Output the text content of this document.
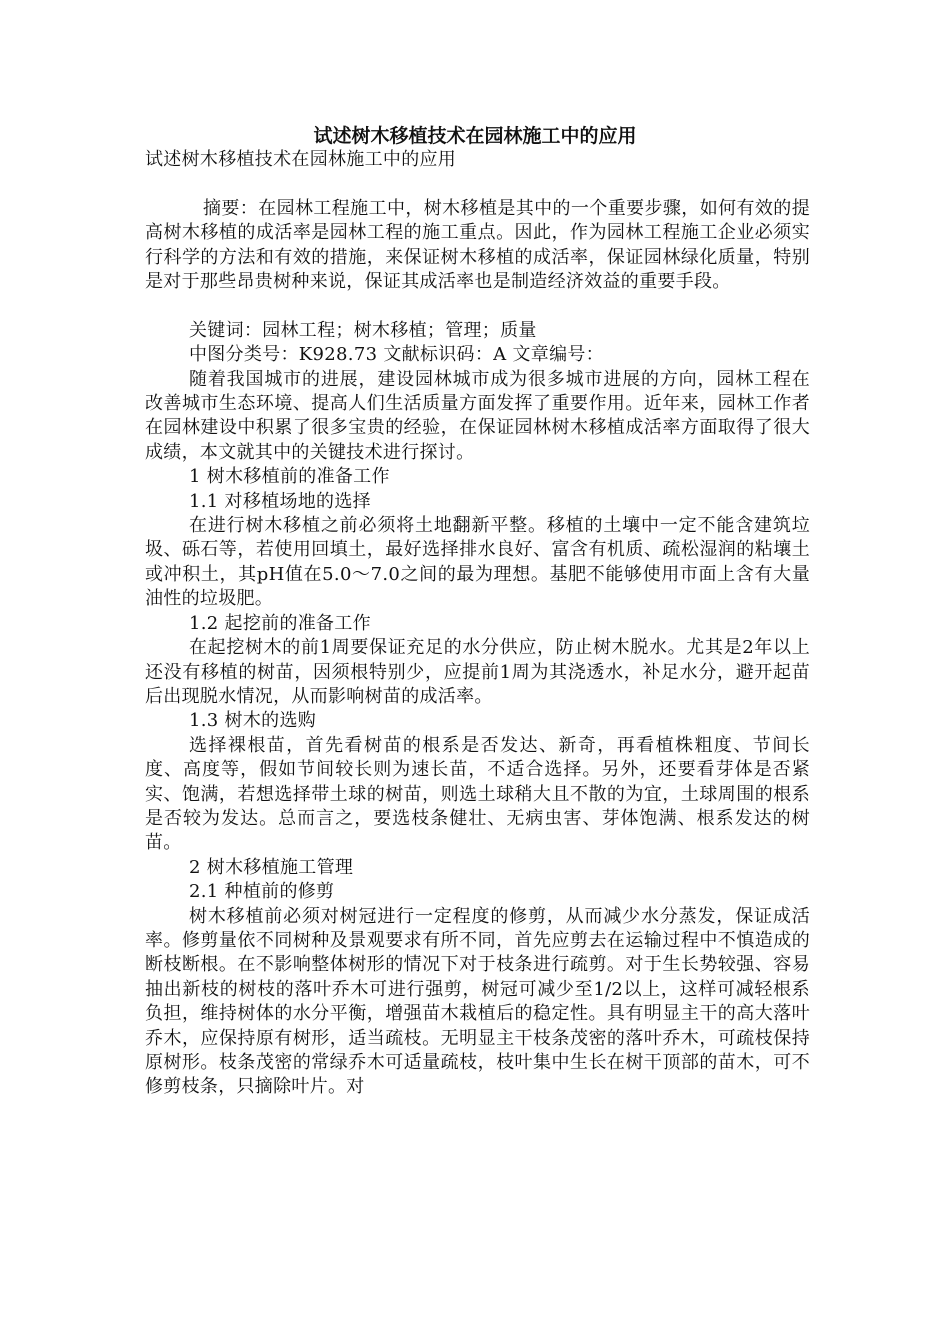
试述树木移植技术在园林施工中的应用

试述树木移植技术在园林施工中的应用

摘要：在园林工程施工中，树木移植是其中的一个重要步骤，如何有效的提高树木移植的成活率是园林工程的施工重点。因此，作为园林工程施工企业必须实行科学的方法和有效的措施，来保证树木移植的成活率，保证园林绿化质量，特别是对于那些昂贵树种来说，保证其成活率也是制造经济效益的重要手段。

关键词：园林工程；树木移植；管理；质量

中图分类号：K928.73 文献标识码：A 文章编号：

随着我国城市的进展，建设园林城市成为很多城市进展的方向，园林工程在改善城市生态环境、提高人们生活质量方面发挥了重要作用。近年来，园林工作者在园林建设中积累了很多宝贵的经验，在保证园林树木移植成活率方面取得了很大成绩，本文就其中的关键技术进行探讨。

1 树木移植前的准备工作

1.1 对移植场地的选择

在进行树木移植之前必须将土地翻新平整。移植的土壤中一定不能含建筑垃圾、砾石等，若使用回填土，最好选择排水良好、富含有机质、疏松湿润的粘壤土或冲积土，其pH值在5.0～7.0之间的最为理想。基肥不能够使用市面上含有大量油性的垃圾肥。

1.2 起挖前的准备工作

在起挖树木的前1周要保证充足的水分供应，防止树木脱水。尤其是2年以上还没有移植的树苗，因须根特别少，应提前1周为其浇透水，补足水分，避开起苗后出现脱水情况，从而影响树苗的成活率。

1.3 树木的选购

选择裸根苗，首先看树苗的根系是否发达、新奇，再看植株粗度、节间长度、高度等，假如节间较长则为速长苗，不适合选择。另外，还要看芽体是否紧实、饱满，若想选择带土球的树苗，则选土球稍大且不散的为宜，土球周围的根系是否较为发达。总而言之，要选枝条健壮、无病虫害、芽体饱满、根系发达的树苗。

2 树木移植施工管理

2.1 种植前的修剪

树木移植前必须对树冠进行一定程度的修剪，从而减少水分蒸发，保证成活率。修剪量依不同树种及景观要求有所不同，首先应剪去在运输过程中不慎造成的断枝断根。在不影响整体树形的情况下对于枝条进行疏剪。对于生长势较强、容易抽出新枝的树枝的落叶乔木可进行强剪，树冠可减少至1/2以上，这样可减轻根系负担，维持树体的水分平衡，增强苗木栽植后的稳定性。具有明显主干的高大落叶乔木，应保持原有树形，适当疏枝。无明显主干枝条茂密的落叶乔木，可疏枝保持原树形。枝条茂密的常绿乔木可适量疏枝，枝叶集中生长在树干顶部的苗木，可不修剪枝条，只摘除叶片。对
